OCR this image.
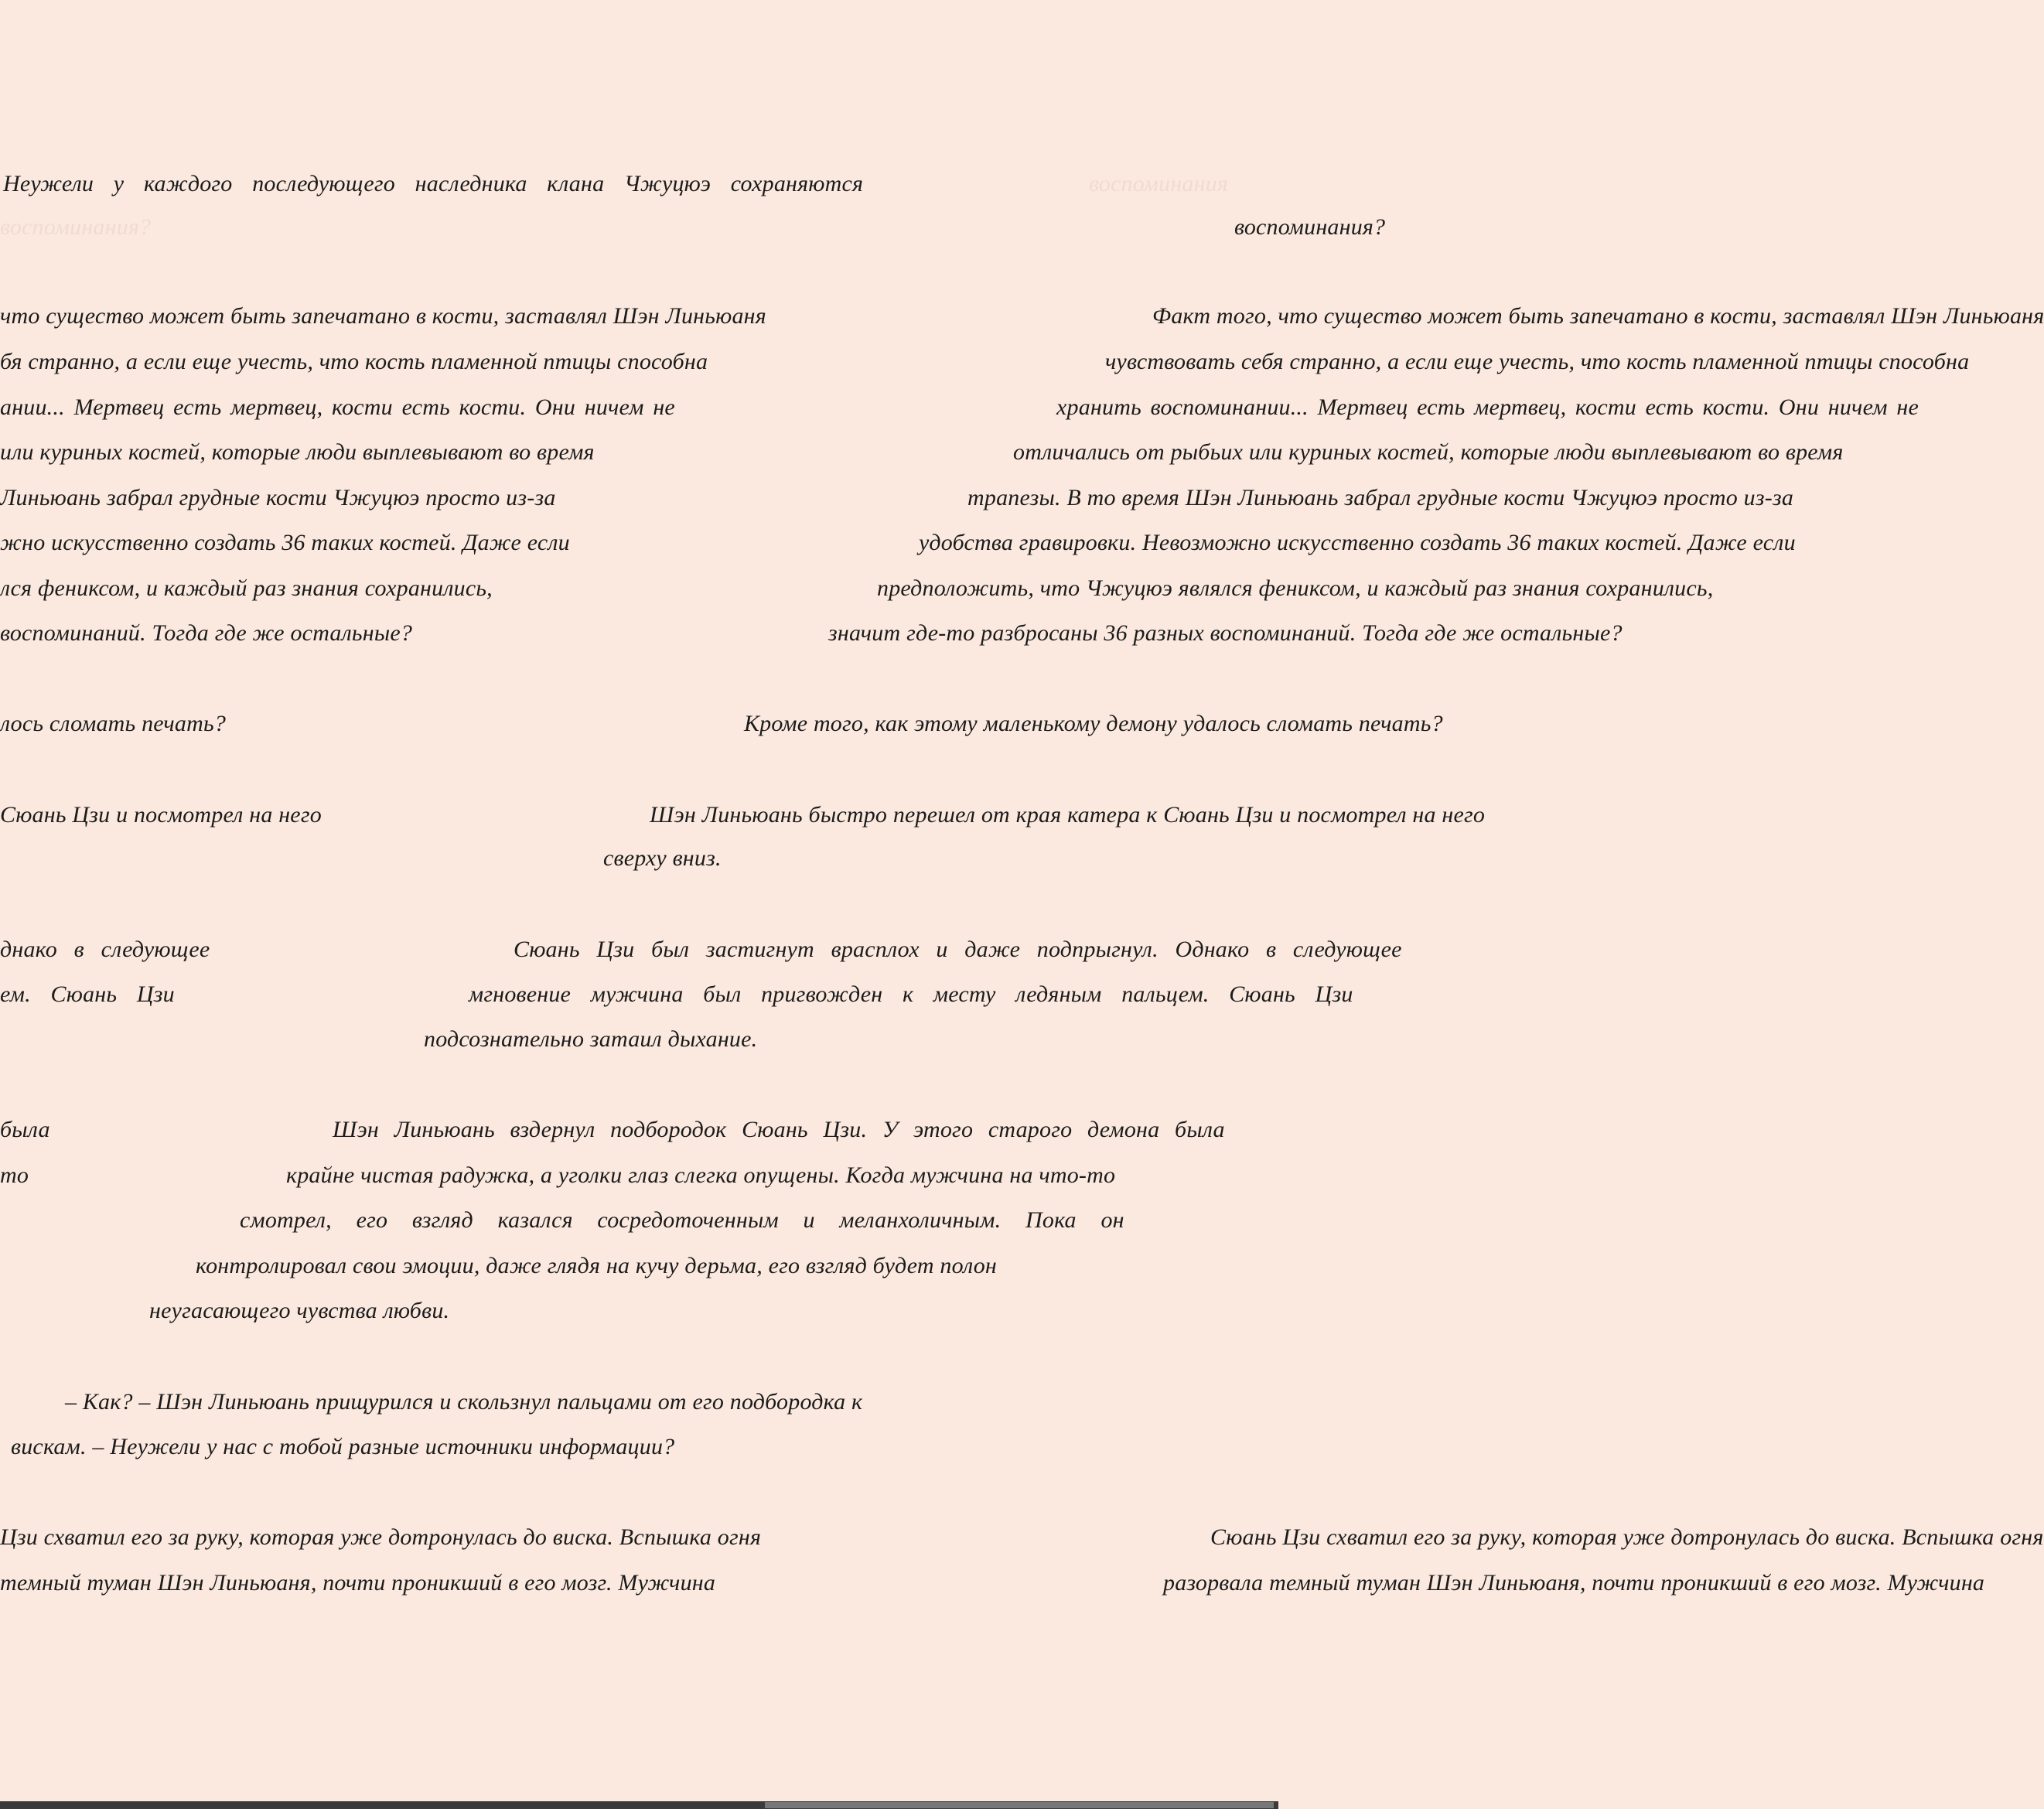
Неужели у каждого последующего наследника клана Чжуцюэ сохраняются	воспоминания
воспоминания?
воспоминания?
Факт того, что существо может быть запечатано в кости, заставлял Шэн Линьюаня
что существо может быть запечатано в кости, заставлял Шэн Линьюаня
чувствовать себя странно, а если еще учесть, что кость пламенной птицы способна
бя странно, а если еще учесть, что кость пламенной птицы способна
хранить воспоминании... Мертвец есть мертвец, кости есть кости. Они ничем не
ании... Мертвец есть мертвец, кости есть кости. Они ничем не
отличались от рыбьих или куриных костей, которые люди выплевывают во время
или куриных костей, которые люди выплевывают во время
трапезы. В то время Шэн Линьюань забрал грудные кости Чжуцюэ просто из-за
Линьюань забрал грудные кости Чжуцюэ просто из-за
удобства гравировки. Невозможно искусственно создать 36 таких костей. Даже если
жно искусственно создать 36 таких костей. Даже если
предположить, что Чжуцюэ являлся фениксом, и каждый раз знания сохранились,
лся фениксом, и каждый раз знания сохранились,
значит где-то разбросаны 36 разных воспоминаний. Тогда где же остальные?
воспоминаний. Тогда где же остальные?
Кроме того, как этому маленькому демону удалось сломать печать?
лось сломать печать?
Шэн Линьюань быстро перешел от края катера к Сюань Цзи и посмотрел на него
Сюань Цзи и посмотрел на него
сверху вниз.
Сюань Цзи был застигнут врасплох и даже подпрыгнул. Однако в следующее
днако в следующее
мгновение мужчина был пригвожден к месту ледяным пальцем. Сюань Цзи
ем. Сюань Цзи
подсознательно затаил дыхание.
Шэн Линьюань вздернул подбородок Сюань Цзи. У этого старого демона была
была
крайне чистая радужка, а уголки глаз слегка опущены. Когда мужчина на что-то
то
смотрел, его взгляд казался сосредоточенным и меланхоличным. Пока он
контролировал свои эмоции, даже глядя на кучу дерьма, его взгляд будет полон
неугасающего чувства любви.
– Как? – Шэн Линьюань прищурился и скользнул пальцами от его подбородка к
вискам. – Неужели у нас с тобой разные источники информации?
Сюань Цзи схватил его за руку, которая уже дотронулась до виска. Вспышка огня
Цзи схватил его за руку, которая уже дотронулась до виска. Вспышка огня
разорвала темный туман Шэн Линьюаня, почти проникший в его мозг. Мужчина
темный туман Шэн Линьюаня, почти проникший в его мозг. Мужчина
